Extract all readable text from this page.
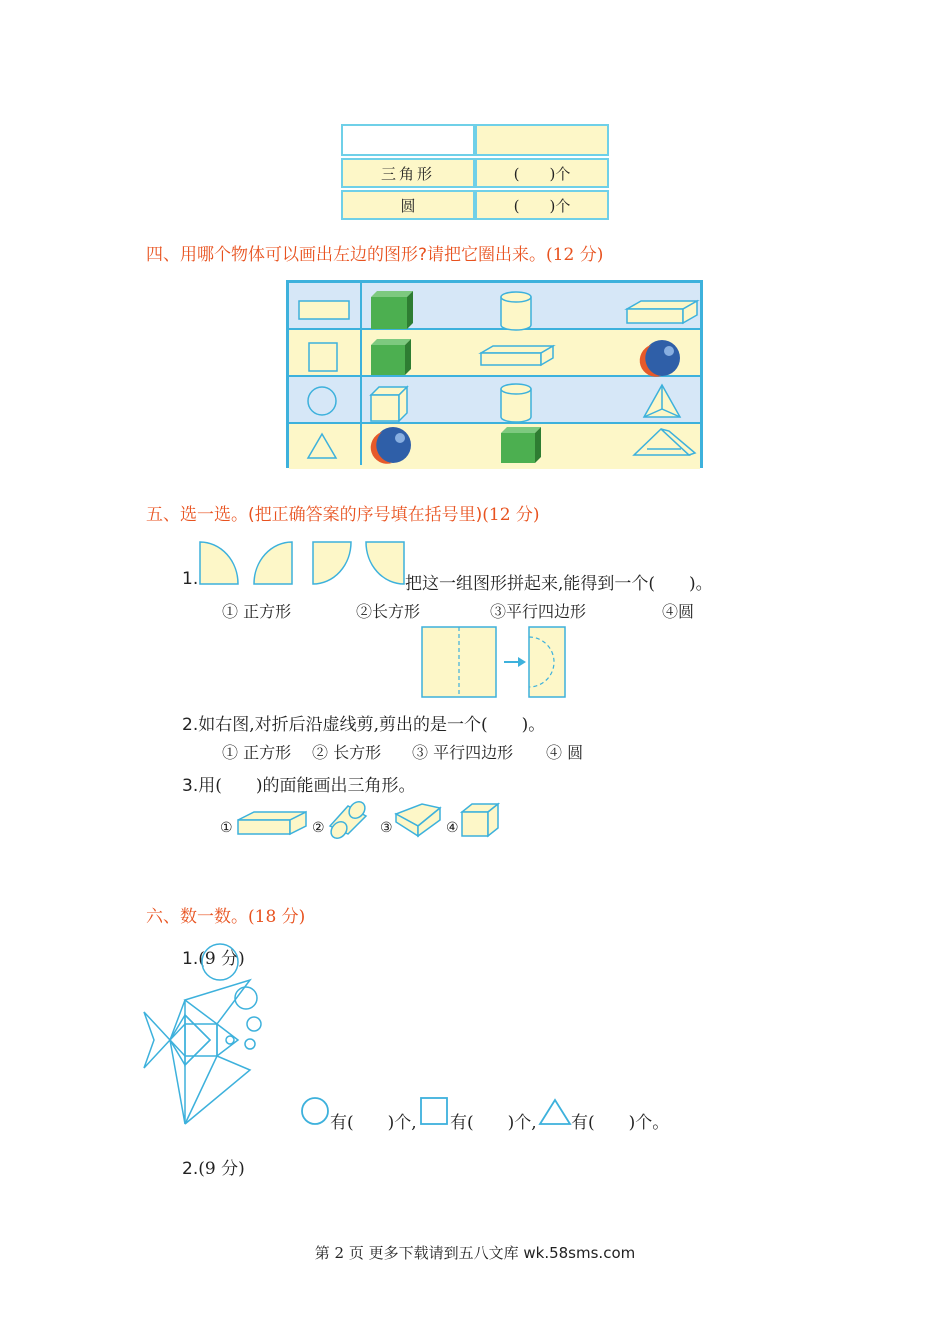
三角形	(　　)个
圆	(　　)个
四、用哪个物体可以画出左边的图形?请把它圈出来。(12 分)
五、选一选。(把正确答案的序号填在括号里)(12 分)
1.	把这一组图形拼起来,能得到一个(　　)。
① 正方形	②长方形	③平行四边形	④圆
2.如右图,对折后沿虚线剪,剪出的是一个(　　)。
① 正方形 ② 长方形 ③ 平行四边形 ④ 圆
3.用(　　)的面能画出三角形。
①	②	③	④
六、数一数。(18 分)
1.(9 分)
有(　　)个, 有(　　)个, 有(　　)个。
2.(9 分)
第 2 页 更多下载请到五八文库 wk.58sms.com
